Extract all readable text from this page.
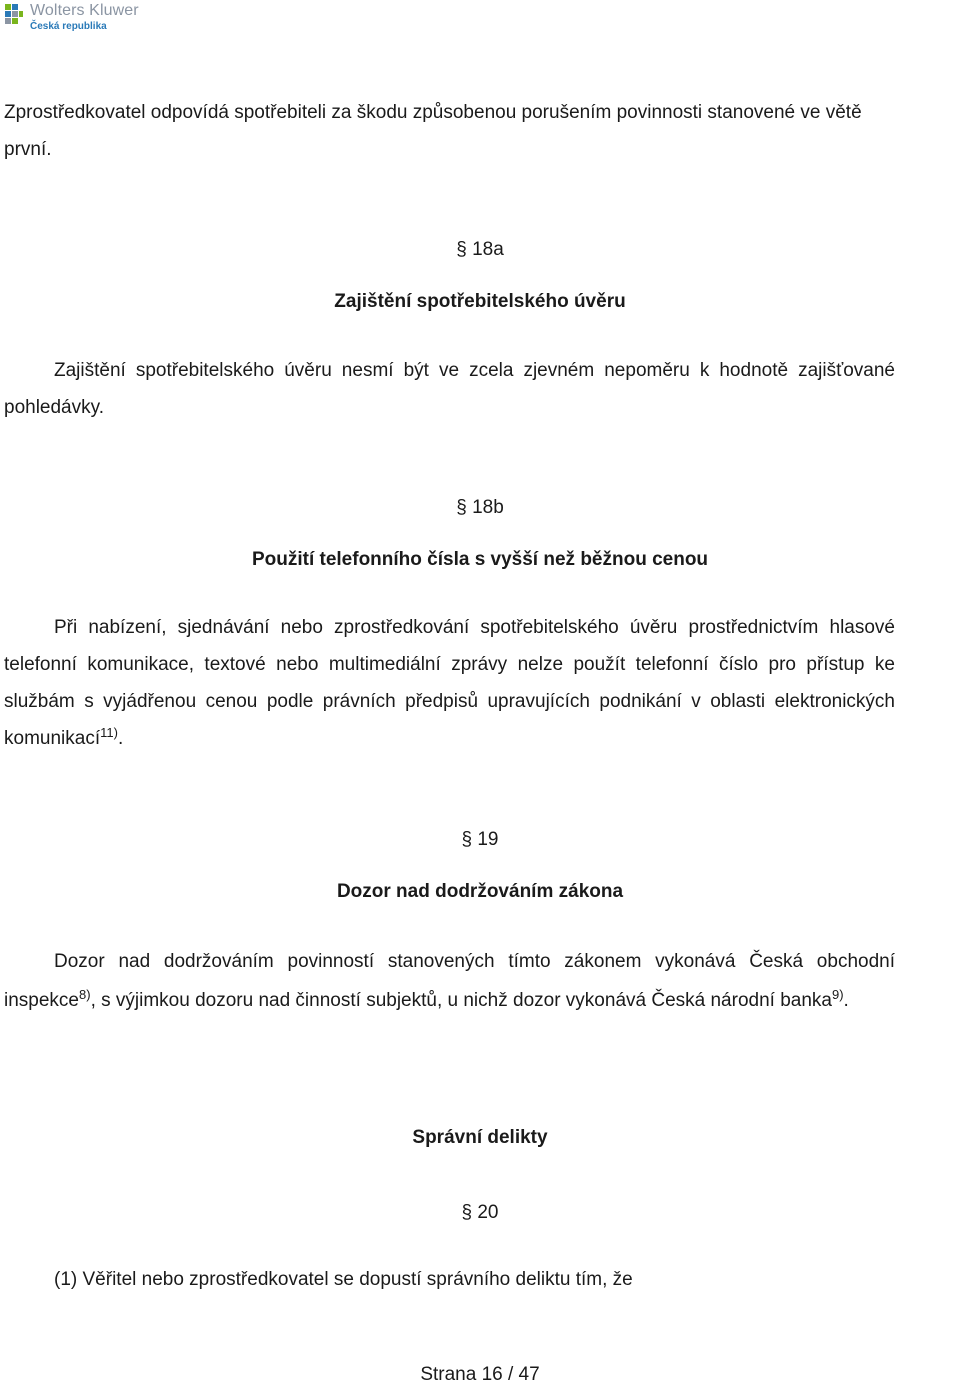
Wolters Kluwer
Česká republika
Zprostředkovatel odpovídá spotřebiteli za škodu způsobenou porušením povinnosti stanovené ve větě první.
§ 18a
Zajištění spotřebitelského úvěru
Zajištění spotřebitelského úvěru nesmí být ve zcela zjevném nepoměru k hodnotě zajišťované pohledávky.
§ 18b
Použití telefonního čísla s vyšší než běžnou cenou
Při nabízení, sjednávání nebo zprostředkování spotřebitelského úvěru prostřednictvím hlasové telefonní komunikace, textové nebo multimediální zprávy nelze použít telefonní číslo pro přístup ke službám s vyjádřenou cenou podle právních předpisů upravujících podnikání v oblasti elektronických komunikací$^{11)}$.
§ 19
Dozor nad dodržováním zákona
Dozor nad dodržováním povinností stanovených tímto zákonem vykonává Česká obchodní inspekce$^{8)}$, s výjimkou dozoru nad činností subjektů, u nichž dozor vykonává Česká národní banka$^{9)}$.
Správní delikty
§ 20
(1) Věřitel nebo zprostředkovatel se dopustí správního deliktu tím, že
Strana 16 / 47
